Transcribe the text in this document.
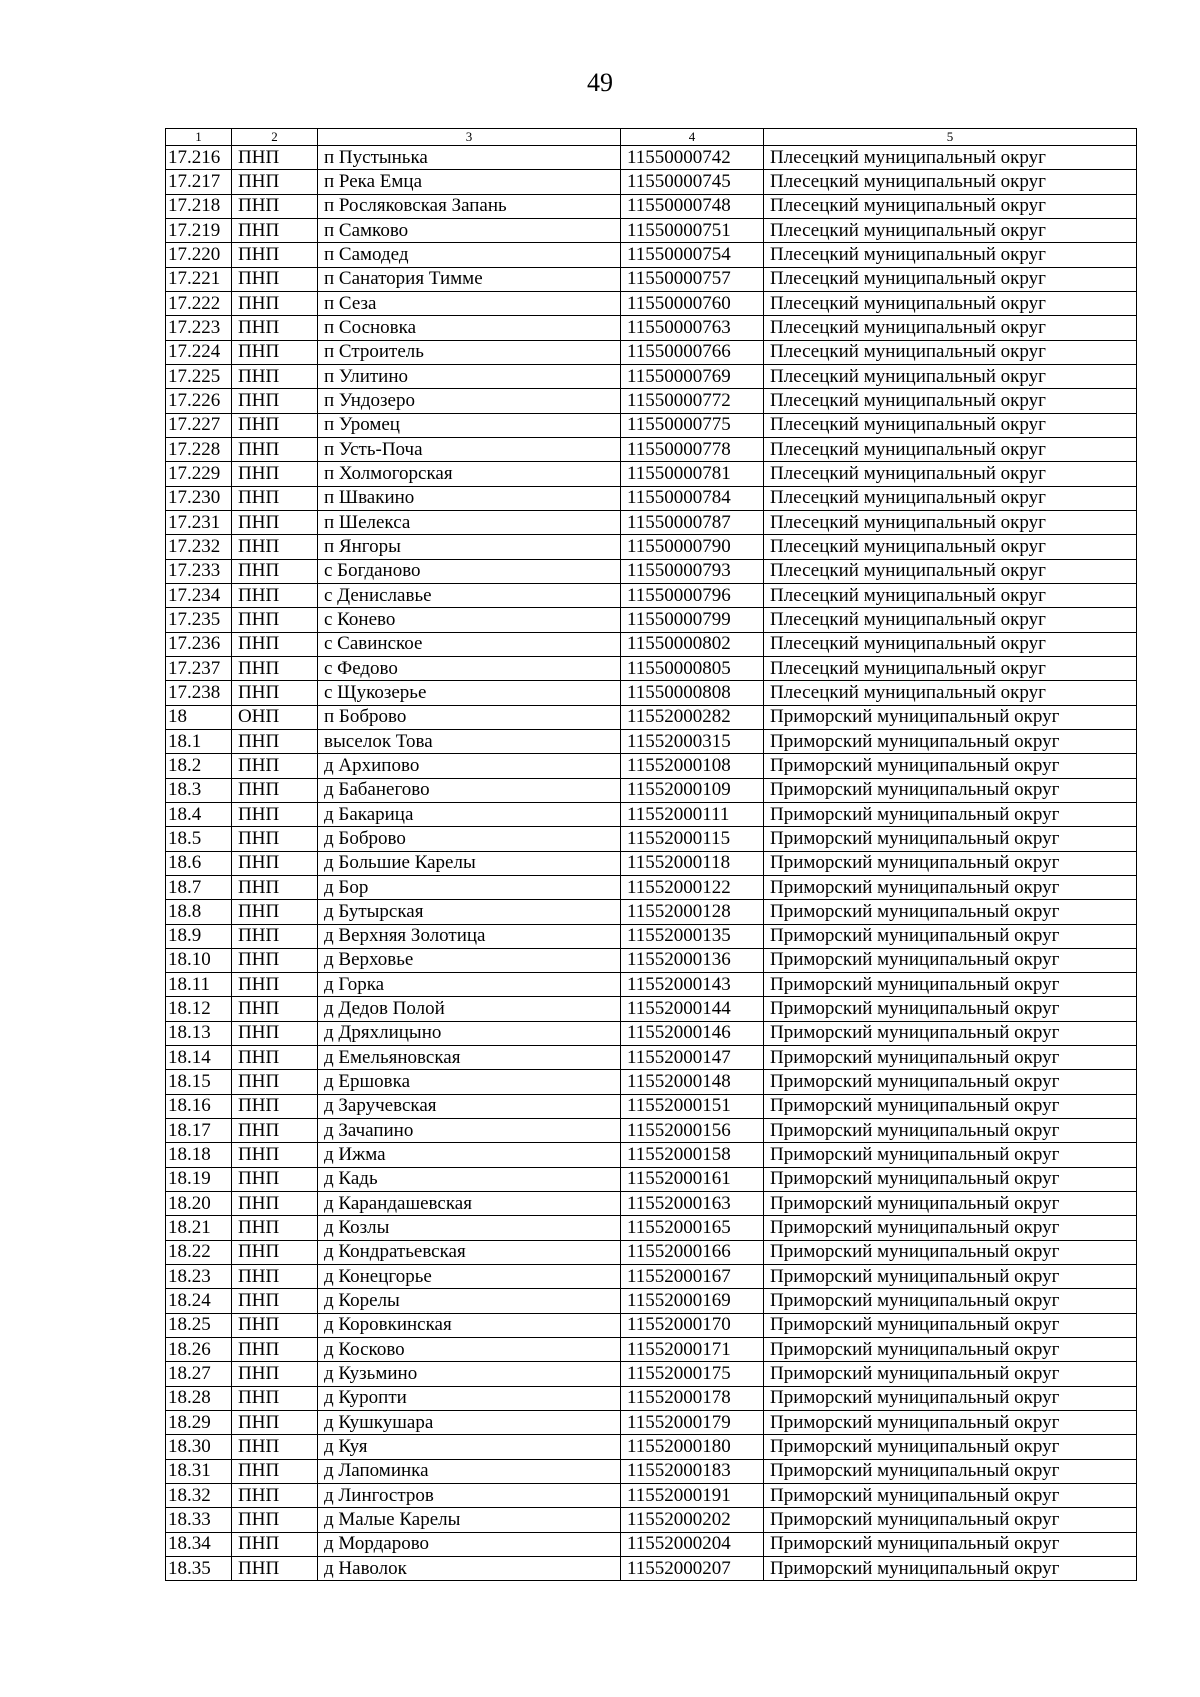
49
1	2	3	4	5
17.216	ПНП	п Пустынька	11550000742	Плесецкий муниципальный округ
17.217	ПНП	п Река Емца	11550000745	Плесецкий муниципальный округ
17.218	ПНП	п Росляковская Запань	11550000748	Плесецкий муниципальный округ
17.219	ПНП	п Самково	11550000751	Плесецкий муниципальный округ
17.220	ПНП	п Самодед	11550000754	Плесецкий муниципальный округ
17.221	ПНП	п Санатория Тимме	11550000757	Плесецкий муниципальный округ
17.222	ПНП	п Сеза	11550000760	Плесецкий муниципальный округ
17.223	ПНП	п Сосновка	11550000763	Плесецкий муниципальный округ
17.224	ПНП	п Строитель	11550000766	Плесецкий муниципальный округ
17.225	ПНП	п Улитино	11550000769	Плесецкий муниципальный округ
17.226	ПНП	п Ундозеро	11550000772	Плесецкий муниципальный округ
17.227	ПНП	п Уромец	11550000775	Плесецкий муниципальный округ
17.228	ПНП	п Усть-Поча	11550000778	Плесецкий муниципальный округ
17.229	ПНП	п Холмогорская	11550000781	Плесецкий муниципальный округ
17.230	ПНП	п Швакино	11550000784	Плесецкий муниципальный округ
17.231	ПНП	п Шелекса	11550000787	Плесецкий муниципальный округ
17.232	ПНП	п Янгоры	11550000790	Плесецкий муниципальный округ
17.233	ПНП	с Богданово	11550000793	Плесецкий муниципальный округ
17.234	ПНП	с Дениславье	11550000796	Плесецкий муниципальный округ
17.235	ПНП	с Конево	11550000799	Плесецкий муниципальный округ
17.236	ПНП	с Савинское	11550000802	Плесецкий муниципальный округ
17.237	ПНП	с Федово	11550000805	Плесецкий муниципальный округ
17.238	ПНП	с Щукозерье	11550000808	Плесецкий муниципальный округ
18	ОНП	п Боброво	11552000282	Приморский муниципальный округ
18.1	ПНП	выселок Това	11552000315	Приморский муниципальный округ
18.2	ПНП	д Архипово	11552000108	Приморский муниципальный округ
18.3	ПНП	д Бабанегово	11552000109	Приморский муниципальный округ
18.4	ПНП	д Бакарица	11552000111	Приморский муниципальный округ
18.5	ПНП	д Боброво	11552000115	Приморский муниципальный округ
18.6	ПНП	д Большие Карелы	11552000118	Приморский муниципальный округ
18.7	ПНП	д Бор	11552000122	Приморский муниципальный округ
18.8	ПНП	д Бутырская	11552000128	Приморский муниципальный округ
18.9	ПНП	д Верхняя Золотица	11552000135	Приморский муниципальный округ
18.10	ПНП	д Верховье	11552000136	Приморский муниципальный округ
18.11	ПНП	д Горка	11552000143	Приморский муниципальный округ
18.12	ПНП	д Дедов Полой	11552000144	Приморский муниципальный округ
18.13	ПНП	д Дряхлицыно	11552000146	Приморский муниципальный округ
18.14	ПНП	д Емельяновская	11552000147	Приморский муниципальный округ
18.15	ПНП	д Ершовка	11552000148	Приморский муниципальный округ
18.16	ПНП	д Заручевская	11552000151	Приморский муниципальный округ
18.17	ПНП	д Зачапино	11552000156	Приморский муниципальный округ
18.18	ПНП	д Ижма	11552000158	Приморский муниципальный округ
18.19	ПНП	д Кадь	11552000161	Приморский муниципальный округ
18.20	ПНП	д Карандашевская	11552000163	Приморский муниципальный округ
18.21	ПНП	д Козлы	11552000165	Приморский муниципальный округ
18.22	ПНП	д Кондратьевская	11552000166	Приморский муниципальный округ
18.23	ПНП	д Конецгорье	11552000167	Приморский муниципальный округ
18.24	ПНП	д Корелы	11552000169	Приморский муниципальный округ
18.25	ПНП	д Коровкинская	11552000170	Приморский муниципальный округ
18.26	ПНП	д Косково	11552000171	Приморский муниципальный округ
18.27	ПНП	д Кузьмино	11552000175	Приморский муниципальный округ
18.28	ПНП	д Куропти	11552000178	Приморский муниципальный округ
18.29	ПНП	д Кушкушара	11552000179	Приморский муниципальный округ
18.30	ПНП	д Куя	11552000180	Приморский муниципальный округ
18.31	ПНП	д Лапоминка	11552000183	Приморский муниципальный округ
18.32	ПНП	д Лингостров	11552000191	Приморский муниципальный округ
18.33	ПНП	д Малые Карелы	11552000202	Приморский муниципальный округ
18.34	ПНП	д Мордарово	11552000204	Приморский муниципальный округ
18.35	ПНП	д Наволок	11552000207	Приморский муниципальный округ
